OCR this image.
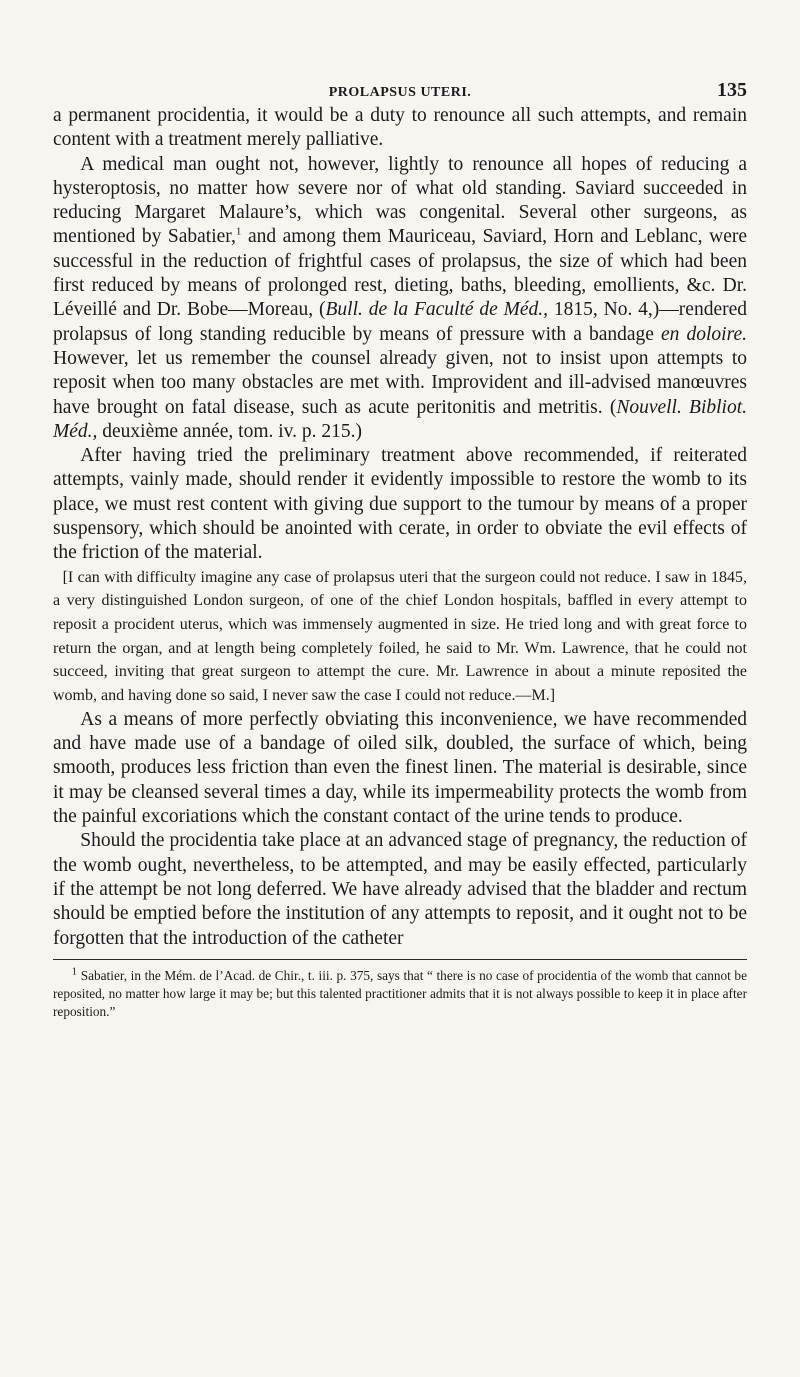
PROLAPSUS UTERI.	135

a permanent procidentia, it would be a duty to renounce all such attempts, and remain content with a treatment merely palliative.

A medical man ought not, however, lightly to renounce all hopes of reducing a hysteroptosis, no matter how severe nor of what old standing. Saviard succeeded in reducing Margaret Malaure’s, which was congenital. Several other surgeons, as mentioned by Sabatier,$^1$ and among them Mauriceau, Saviard, Horn and Leblanc, were successful in the reduction of frightful cases of prolapsus, the size of which had been first reduced by means of prolonged rest, dieting, baths, bleeding, emollients, &c. Dr. Léveillé and Dr. Bobe—Moreau, (Bull. de la Faculté de Méd., 1815, No. 4,)—rendered prolapsus of long standing reducible by means of pressure with a bandage en doloire. However, let us remember the counsel already given, not to insist upon attempts to reposit when too many obstacles are met with. Improvident and ill-advised manœuvres have brought on fatal disease, such as acute peritonitis and metritis. (Nouvell. Bibliot. Méd., deuxième année, tom. iv. p. 215.)

After having tried the preliminary treatment above recommended, if reiterated attempts, vainly made, should render it evidently impossible to restore the womb to its place, we must rest content with giving due support to the tumour by means of a proper suspensory, which should be anointed with cerate, in order to obviate the evil effects of the friction of the material.

[I can with difficulty imagine any case of prolapsus uteri that the surgeon could not reduce. I saw in 1845, a very distinguished London surgeon, of one of the chief London hospitals, baffled in every attempt to reposit a procident uterus, which was immensely augmented in size. He tried long and with great force to return the organ, and at length being completely foiled, he said to Mr. Wm. Lawrence, that he could not succeed, inviting that great surgeon to attempt the cure. Mr. Lawrence in about a minute reposited the womb, and having done so said, I never saw the case I could not reduce.—M.]

As a means of more perfectly obviating this inconvenience, we have recommended and have made use of a bandage of oiled silk, doubled, the surface of which, being smooth, produces less friction than even the finest linen. The material is desirable, since it may be cleansed several times a day, while its impermeability protects the womb from the painful excoriations which the constant contact of the urine tends to produce.

Should the procidentia take place at an advanced stage of pregnancy, the reduction of the womb ought, nevertheless, to be attempted, and may be easily effected, particularly if the attempt be not long deferred. We have already advised that the bladder and rectum should be emptied before the institution of any attempts to reposit, and it ought not to be forgotten that the introduction of the catheter

$^1$ Sabatier, in the Mém. de l’Acad. de Chir., t. iii. p. 375, says that “ there is no case of procidentia of the womb that cannot be reposited, no matter how large it may be; but this talented practitioner admits that it is not always possible to keep it in place after reposition.”
